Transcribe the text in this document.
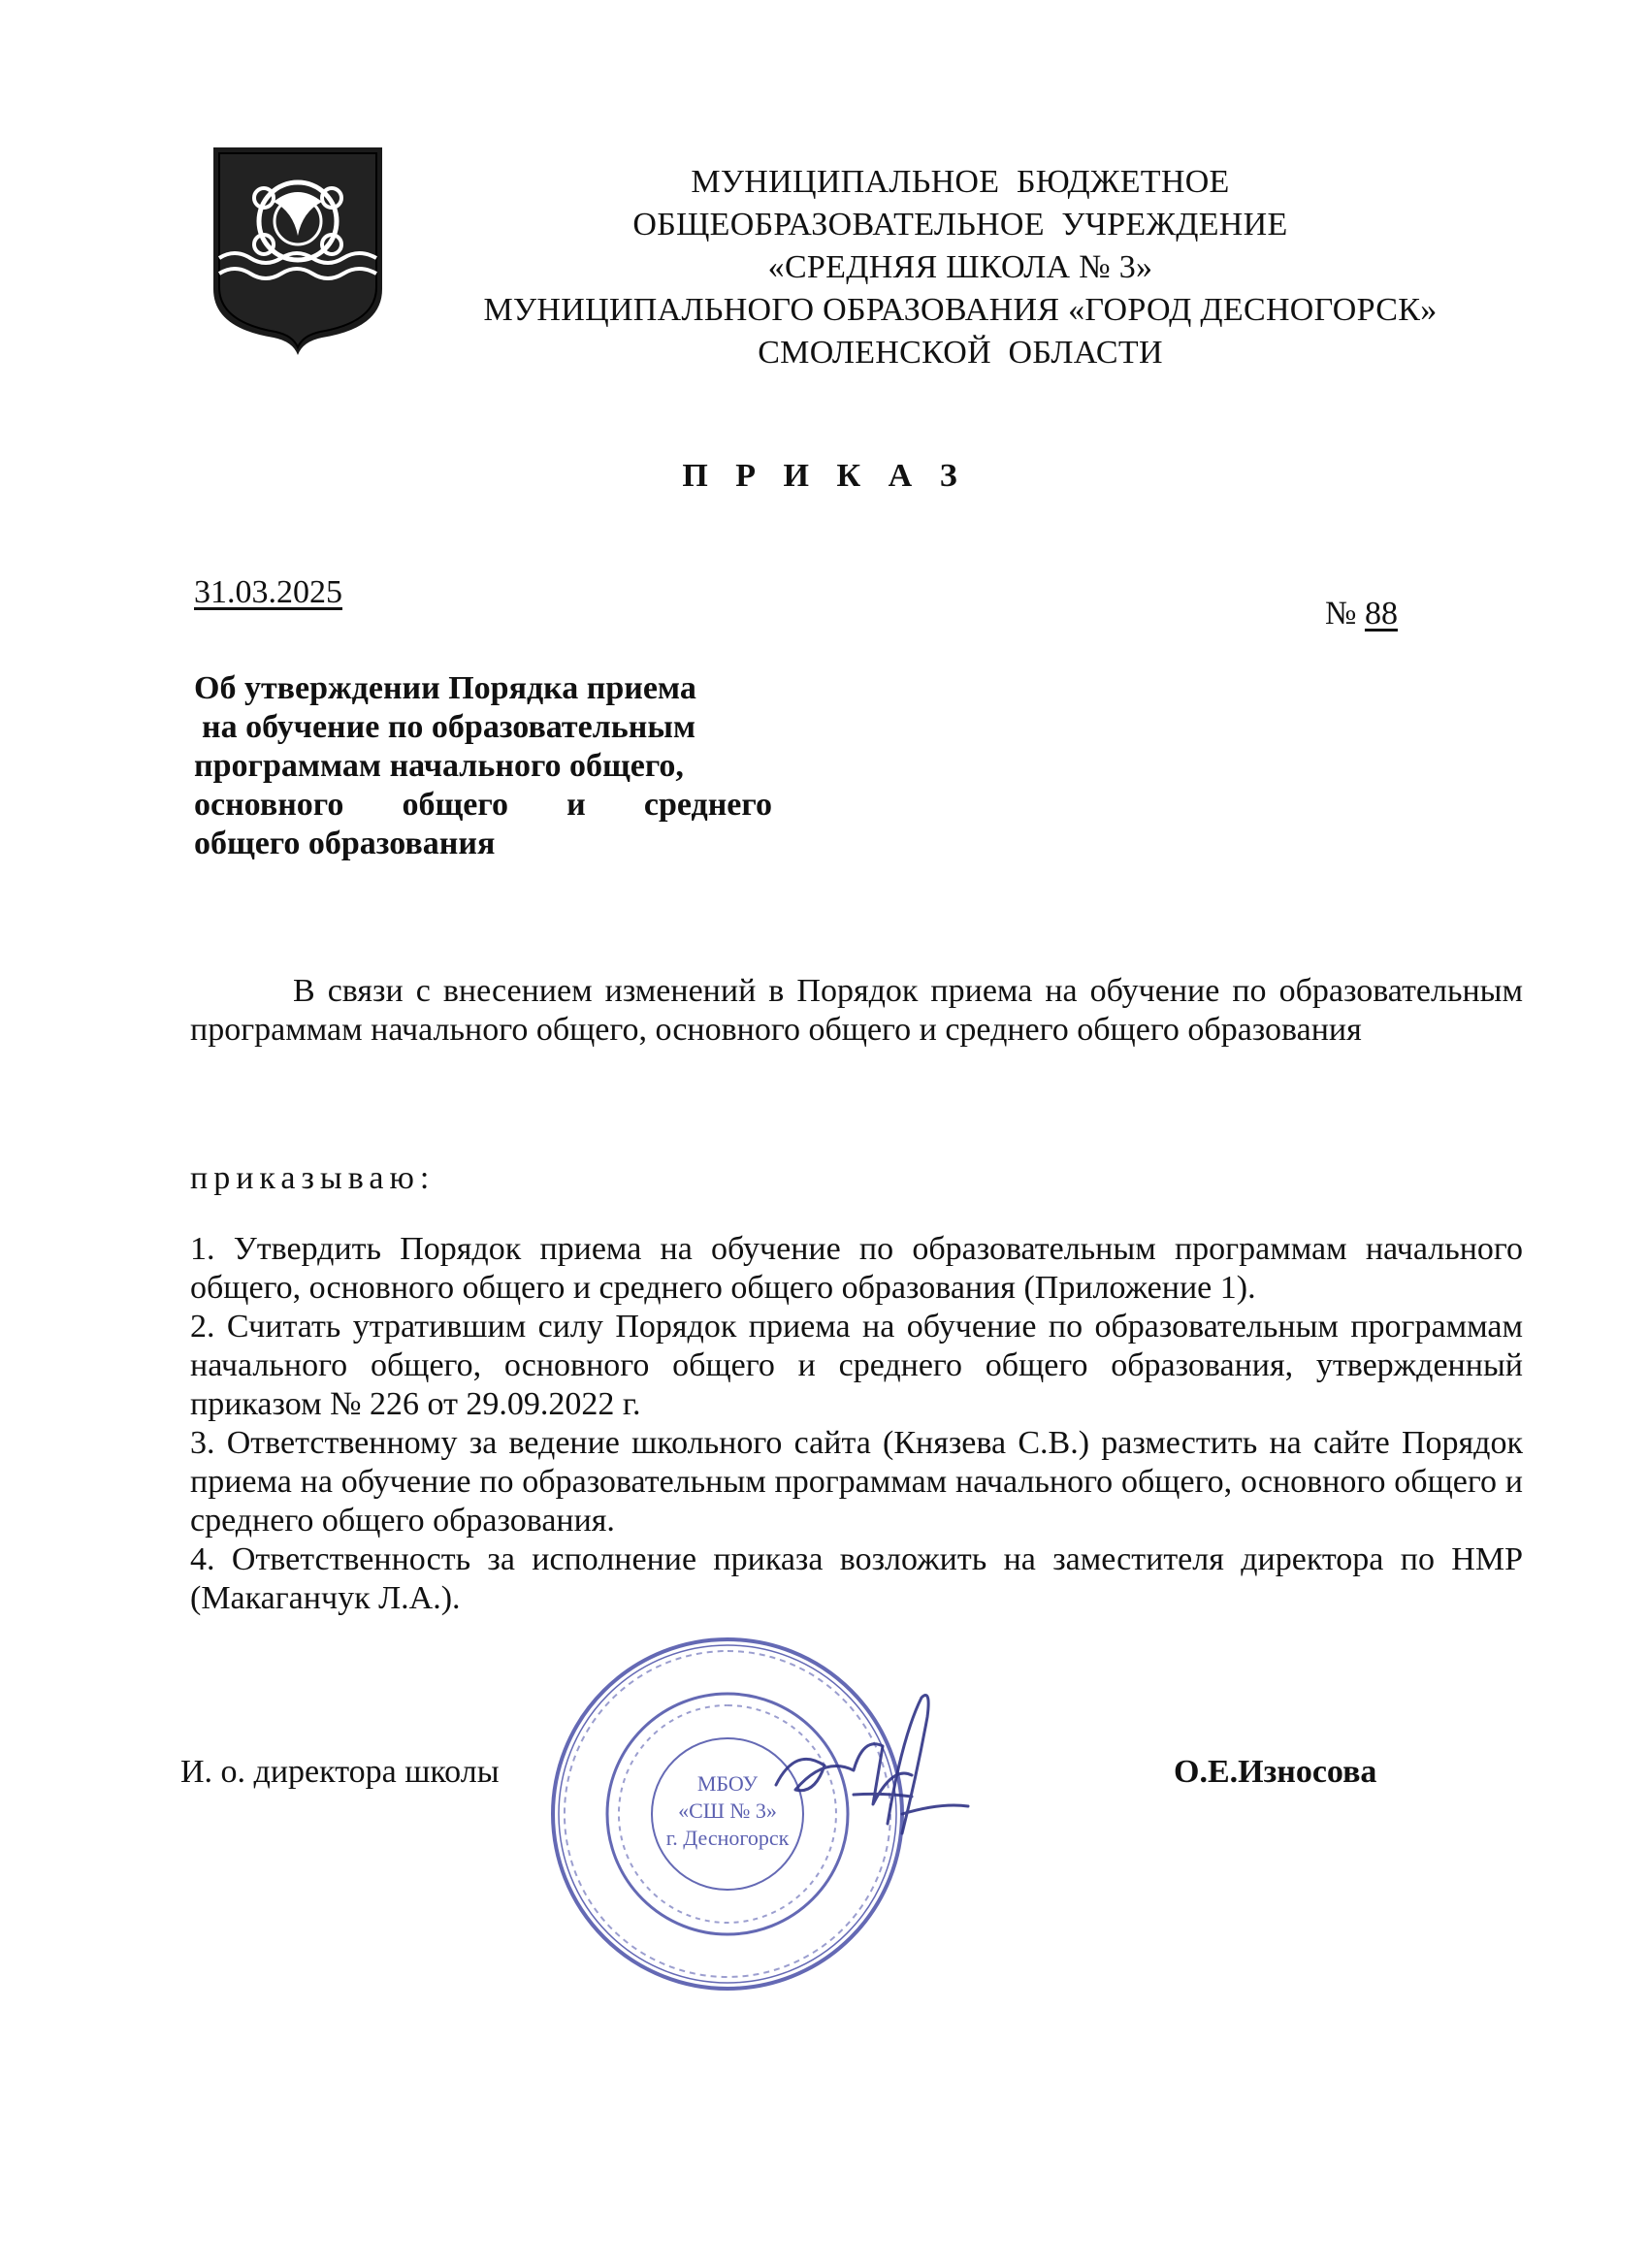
МУНИЦИПАЛЬНОЕ  БЮДЖЕТНОЕ
ОБЩЕОБРАЗОВАТЕЛЬНОЕ  УЧРЕЖДЕНИЕ
«СРЕДНЯЯ ШКОЛА № 3»
МУНИЦИПАЛЬНОГО ОБРАЗОВАНИЯ «ГОРОД ДЕСНОГОРСК»
СМОЛЕНСКОЙ  ОБЛАСТИ
П Р И К А З
31.03.2025
№ 88
Об утверждении Порядка приема
на обучение по образовательным
программам начального общего,
основного общего и среднего
общего образования
В связи с внесением изменений в Порядок приема на обучение по образовательным программам начального общего, основного общего и среднего общего образования
приказываю:

1. Утвердить Порядок приема на обучение по образовательным программам начального общего, основного общего и среднего общего образования (Приложение 1).

2. Считать утратившим силу Порядок приема на обучение по образовательным программам начального общего, основного общего и среднего общего образования, утвержденный приказом № 226 от 29.09.2022 г.

3. Ответственному за ведение школьного сайта (Князева С.В.) разместить на сайте Порядок приема на обучение по образовательным программам начального общего, основного общего и среднего общего образования.

4. Ответственность за исполнение приказа возложить на заместителя директора по НМР (Макаганчук Л.А.).

И. о. директора школы	О.Е.Износова
МБОУ
«СШ № 3»
г. Десногорск
